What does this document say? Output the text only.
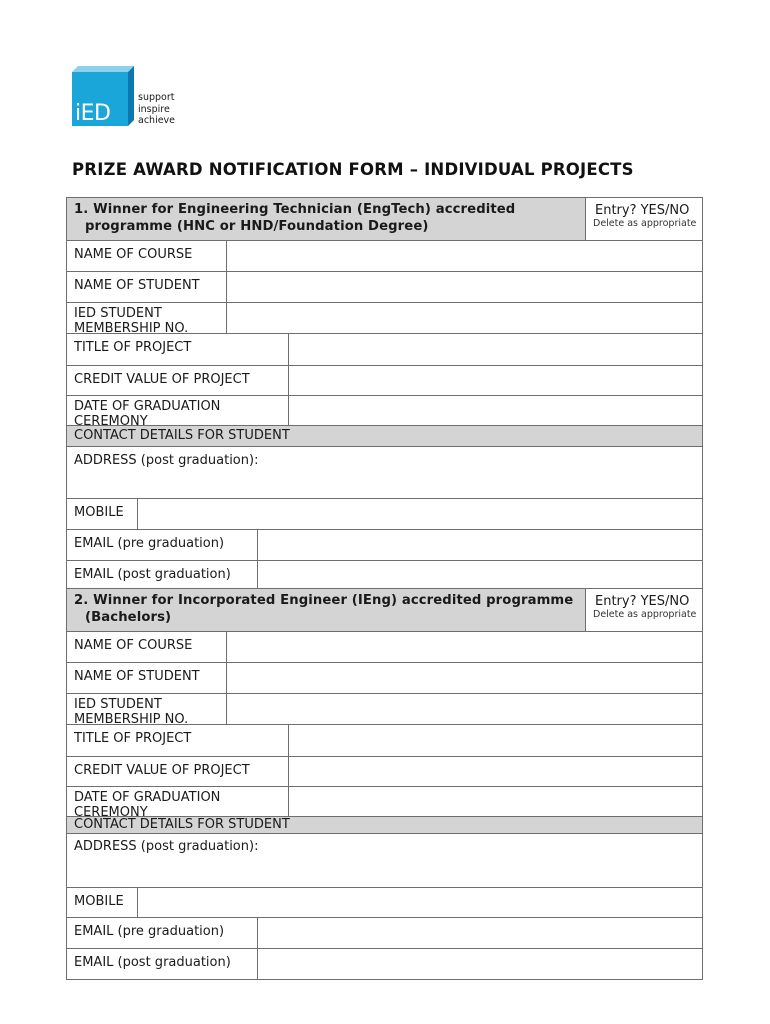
iED
support
inspire
achieve
PRIZE AWARD NOTIFICATION FORM – INDIVIDUAL PROJECTS
1. Winner for Engineering Technician (EngTech) accredited
programme (HNC or HND/Foundation Degree)
Entry? YES/NO
Delete as appropriate
NAME OF COURSE
NAME OF STUDENT
IED STUDENT
MEMBERSHIP NO.
TITLE OF PROJECT
CREDIT VALUE OF PROJECT
DATE OF GRADUATION
CEREMONY
CONTACT DETAILS FOR STUDENT
ADDRESS (post graduation):
MOBILE
EMAIL (pre graduation)
EMAIL (post graduation)
2. Winner for Incorporated Engineer (IEng) accredited programme
(Bachelors)
Entry? YES/NO
Delete as appropriate
NAME OF COURSE
NAME OF STUDENT
IED STUDENT
MEMBERSHIP NO.
TITLE OF PROJECT
CREDIT VALUE OF PROJECT
DATE OF GRADUATION
CEREMONY
CONTACT DETAILS FOR STUDENT
ADDRESS (post graduation):
MOBILE
EMAIL (pre graduation)
EMAIL (post graduation)
